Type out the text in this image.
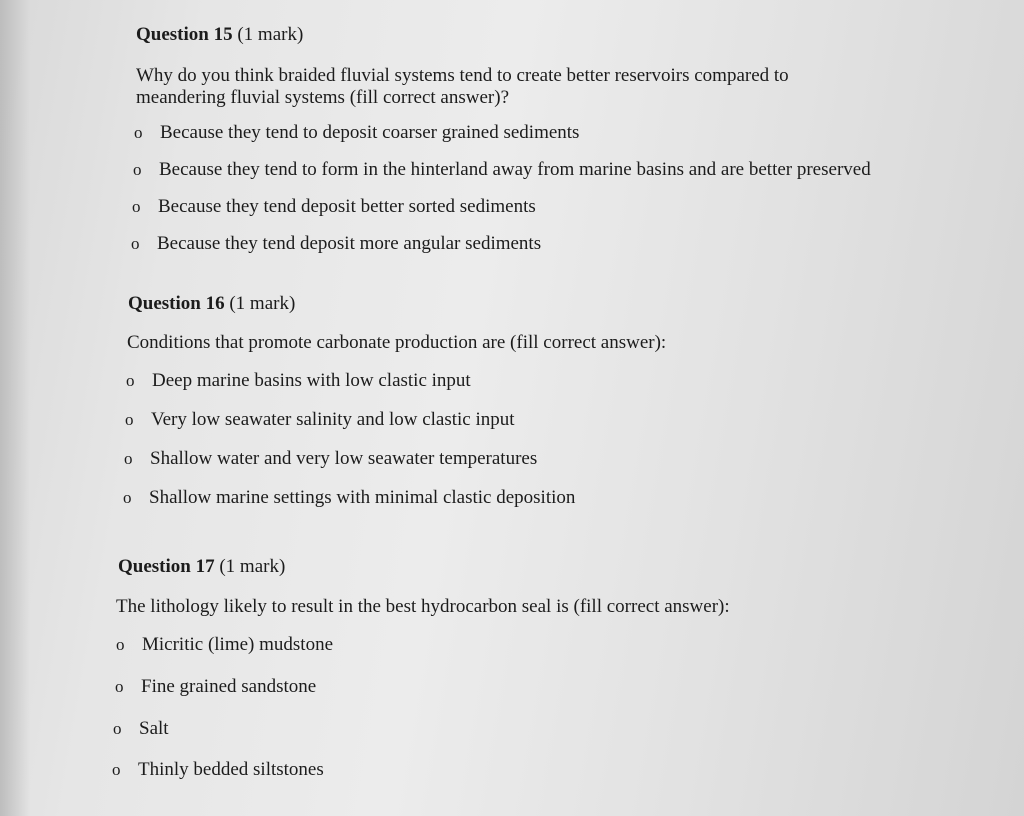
Question 15 (1 mark)

Why do you think braided fluvial systems tend to create better reservoirs compared to meandering fluvial systems (fill correct answer)?

o Because they tend to deposit coarser grained sediments
o Because they tend to form in the hinterland away from marine basins and are better preserved
o Because they tend deposit better sorted sediments
o Because they tend deposit more angular sediments

Question 16 (1 mark)

Conditions that promote carbonate production are (fill correct answer):

o Deep marine basins with low clastic input
o Very low seawater salinity and low clastic input
o Shallow water and very low seawater temperatures
o Shallow marine settings with minimal clastic deposition

Question 17 (1 mark)

The lithology likely to result in the best hydrocarbon seal is (fill correct answer):

o Micritic (lime) mudstone
o Fine grained sandstone
o Salt
o Thinly bedded siltstones
